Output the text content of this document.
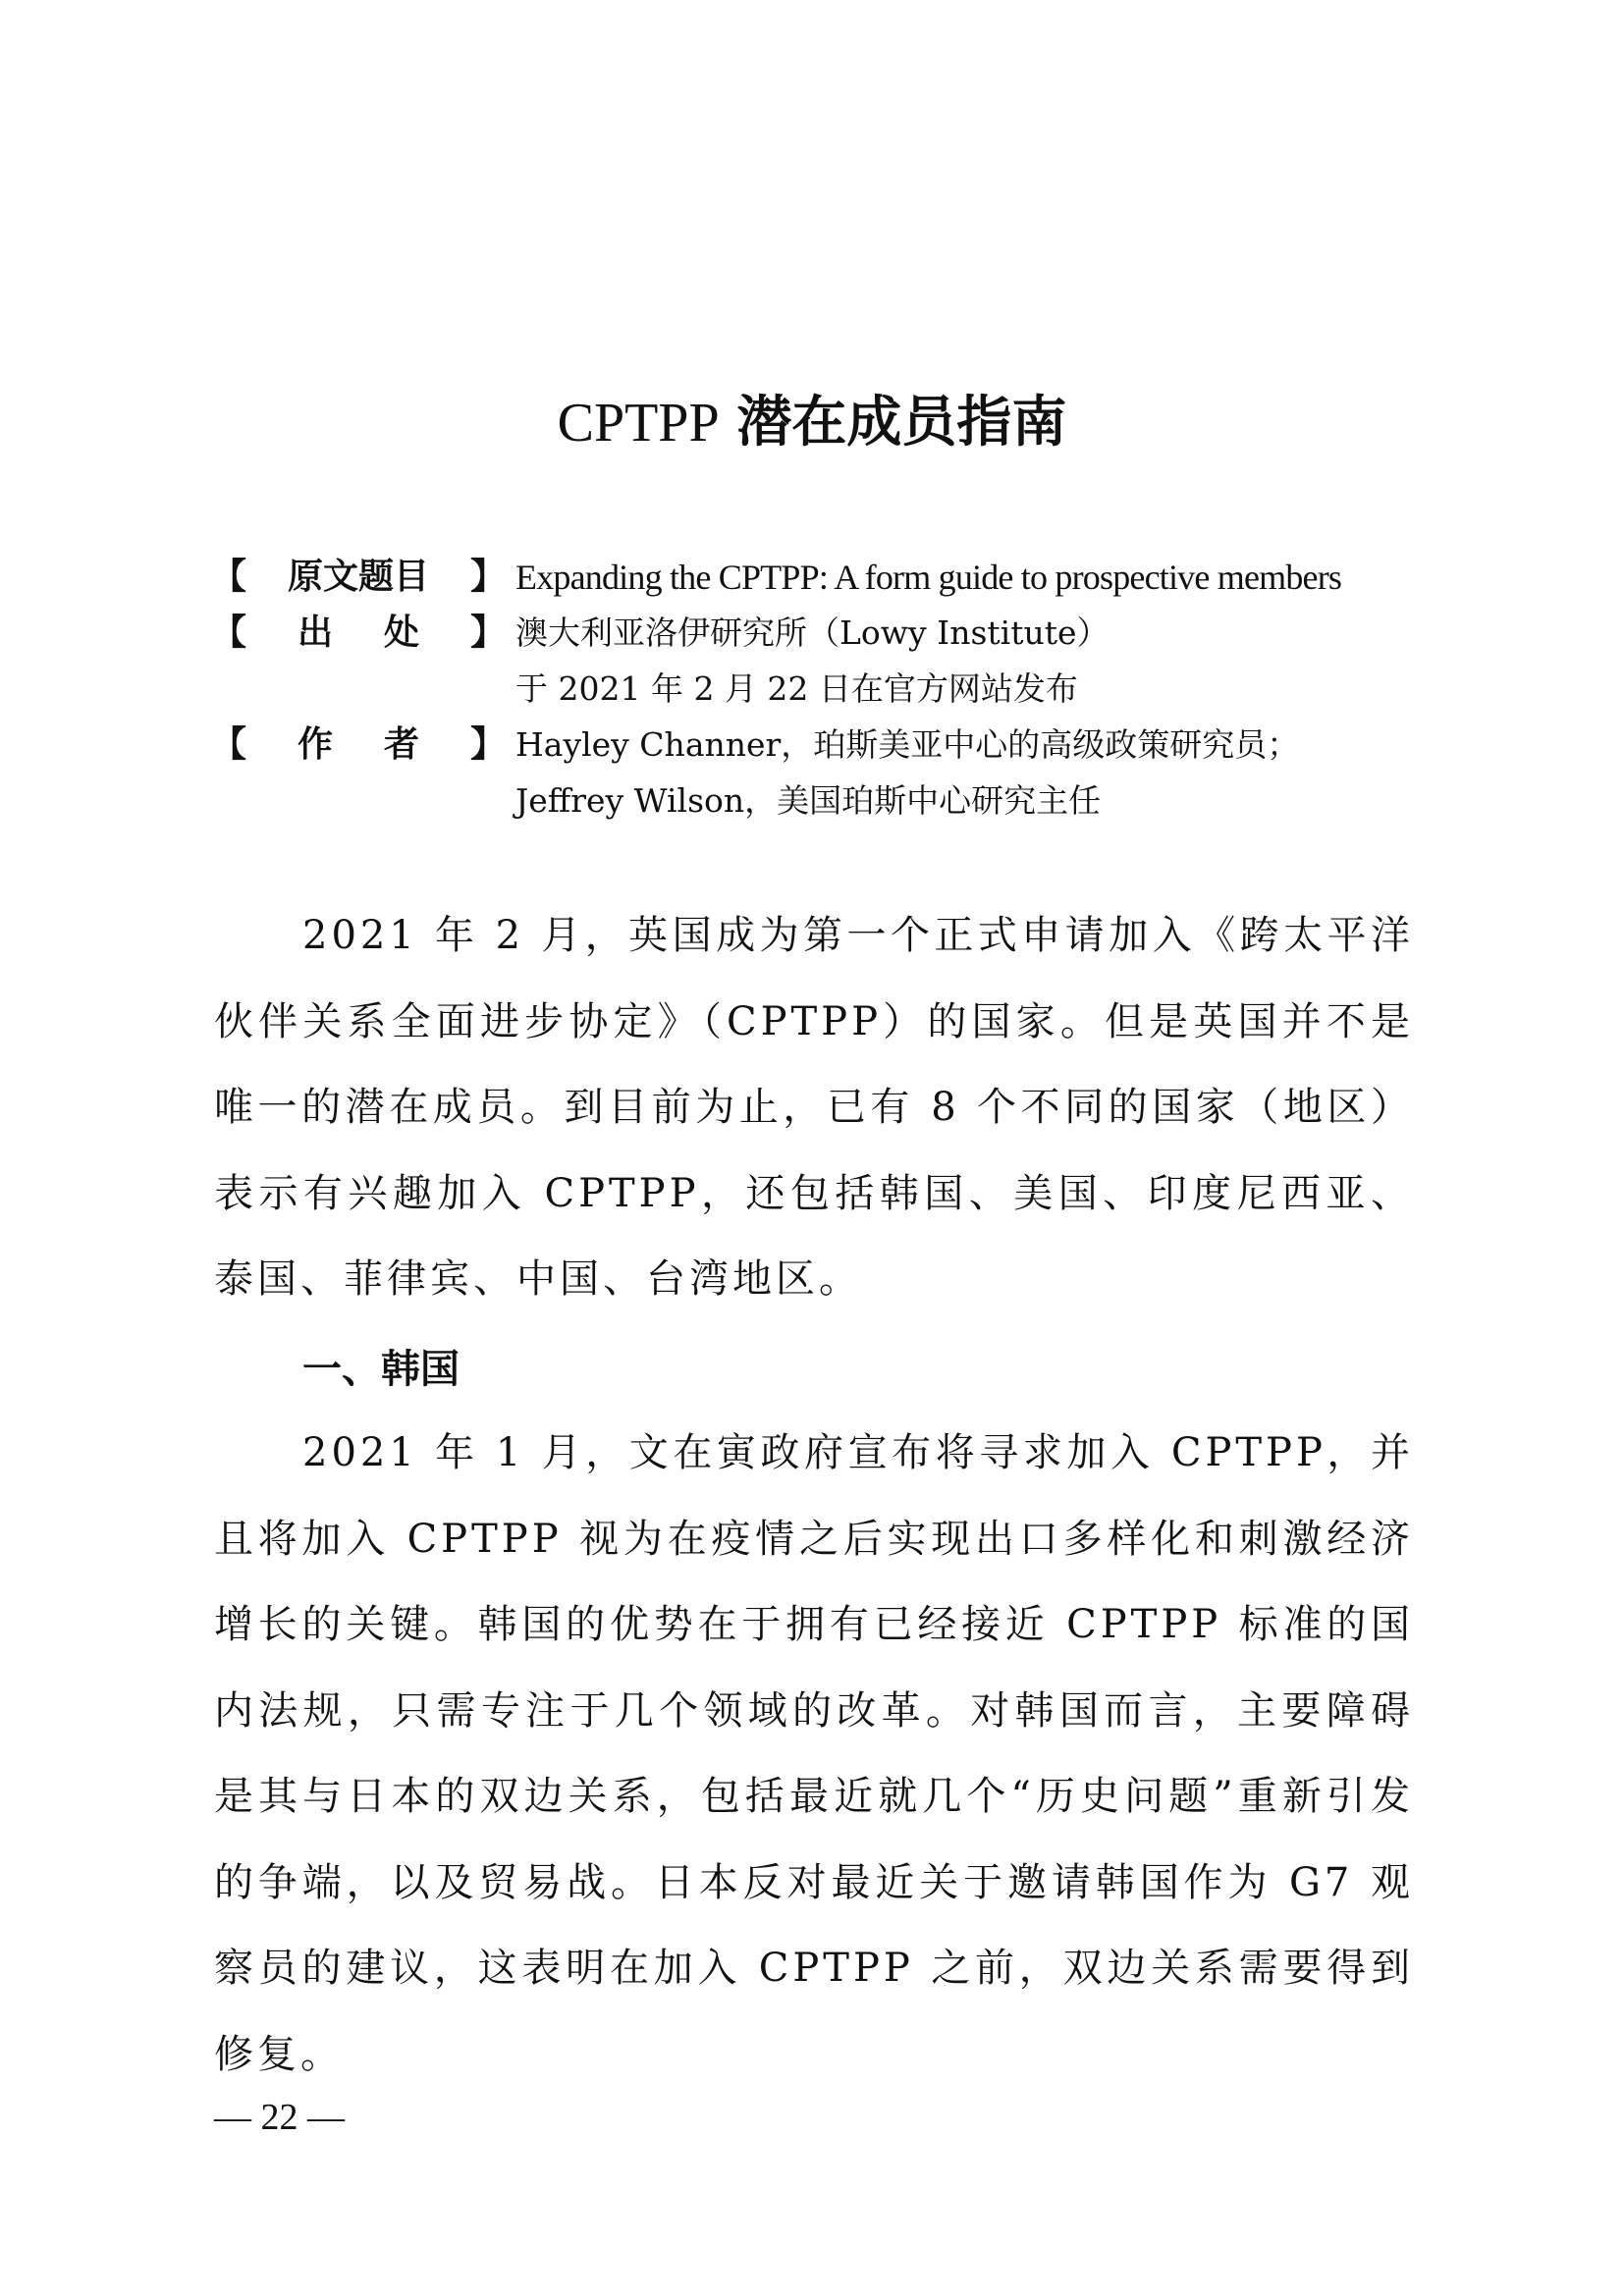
CPTPP 潜在成员指南
【 原文题目 】 Expanding the CPTPP: A form guide to prospective members
【 出 处 】 澳大利亚洛伊研究所（Lowy Institute）
于 2021 年 2 月 22 日在官方网站发布
【 作 者 】 Hayley Channer，珀斯美亚中心的高级政策研究员；
Jeffrey Wilson，美国珀斯中心研究主任
2021 年 2 月，英国成为第一个正式申请加入《跨太平洋伙伴关系全面进步协定》（CPTPP）的国家。但是英国并不是唯一的潜在成员。到目前为止，已有 8 个不同的国家（地区）表示有兴趣加入 CPTPP，还包括韩国、美国、印度尼西亚、泰国、菲律宾、中国、台湾地区。
一、韩国
2021 年 1 月，文在寅政府宣布将寻求加入 CPTPP，并且将加入 CPTPP 视为在疫情之后实现出口多样化和刺激经济增长的关键。韩国的优势在于拥有已经接近 CPTPP 标准的国内法规，只需专注于几个领域的改革。对韩国而言，主要障碍是其与日本的双边关系，包括最近就几个“历史问题”重新引发的争端，以及贸易战。日本反对最近关于邀请韩国作为 G7 观察员的建议，这表明在加入 CPTPP 之前，双边关系需要得到修复。
— 22 —
